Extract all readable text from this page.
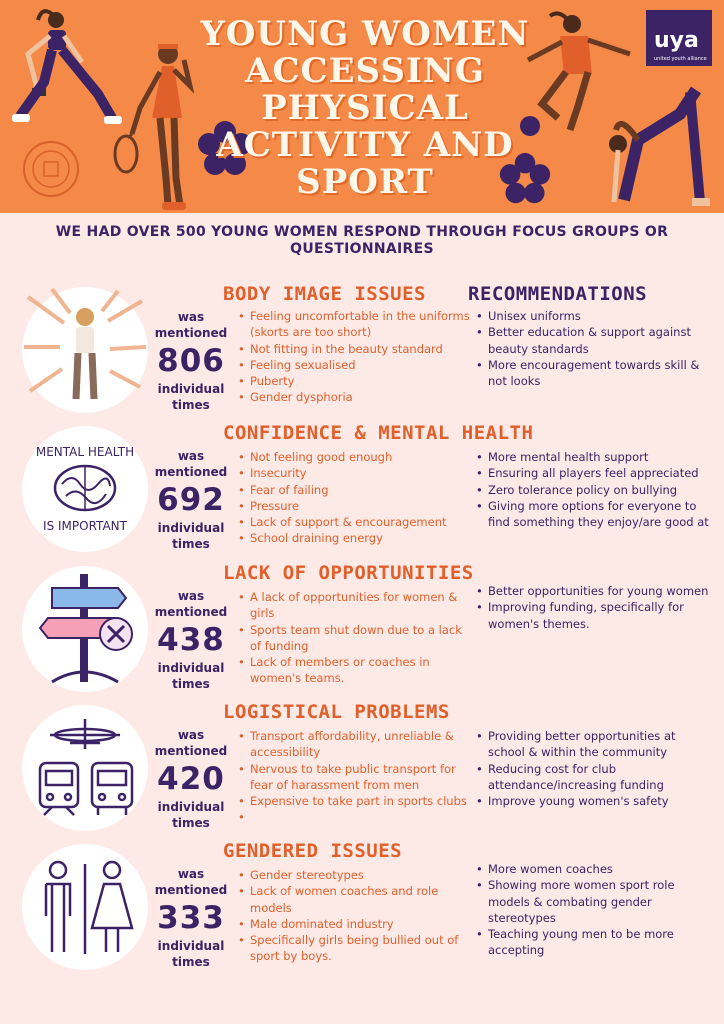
YOUNG WOMEN ACCESSING PHYSICAL ACTIVITY AND SPORT
uya
united youth alliance
WE HAD OVER 500 YOUNG WOMEN RESPOND THROUGH FOCUS GROUPS OR QUESTIONNAIRES
was mentioned
806
individual times
BODY IMAGE ISSUES RECOMMENDATIONS
• Feeling uncomfortable in the uniforms (skorts are too short)
• Not fitting in the beauty standard
• Feeling sexualised
• Puberty
• Gender dysphoria
• Unisex uniforms
• Better education & support against beauty standards
• More encouragement towards skill & not looks
MENTAL HEALTH
IS IMPORTANT
was mentioned
692
individual times
CONFIDENCE & MENTAL HEALTH
• Not feeling good enough
• Insecurity
• Fear of failing
• Pressure
• Lack of support & encouragement
• School draining energy
• More mental health support
• Ensuring all players feel appreciated
• Zero tolerance policy on bullying
• Giving more options for everyone to find something they enjoy/are good at
was mentioned
438
individual times
LACK OF OPPORTUNITIES
• A lack of opportunities for women & girls
• Sports team shut down due to a lack of funding
• Lack of members or coaches in women's teams.
• Better opportunities for young women
• Improving funding, specifically for women's themes.
was mentioned
420
individual times
LOGISTICAL PROBLEMS
• Transport affordability, unreliable & accessibility
• Nervous to take public transport for fear of harassment from men
• Expensive to take part in sports clubs
•
• Providing better opportunities at school & within the community
• Reducing cost for club attendance/increasing funding
• Improve young women's safety
was mentioned
333
individual times
GENDERED ISSUES
• Gender stereotypes
• Lack of women coaches and role models
• Male dominated industry
• Specifically girls being bullied out of sport by boys.
• More women coaches
• Showing more women sport role models & combating gender stereotypes
• Teaching young men to be more accepting
